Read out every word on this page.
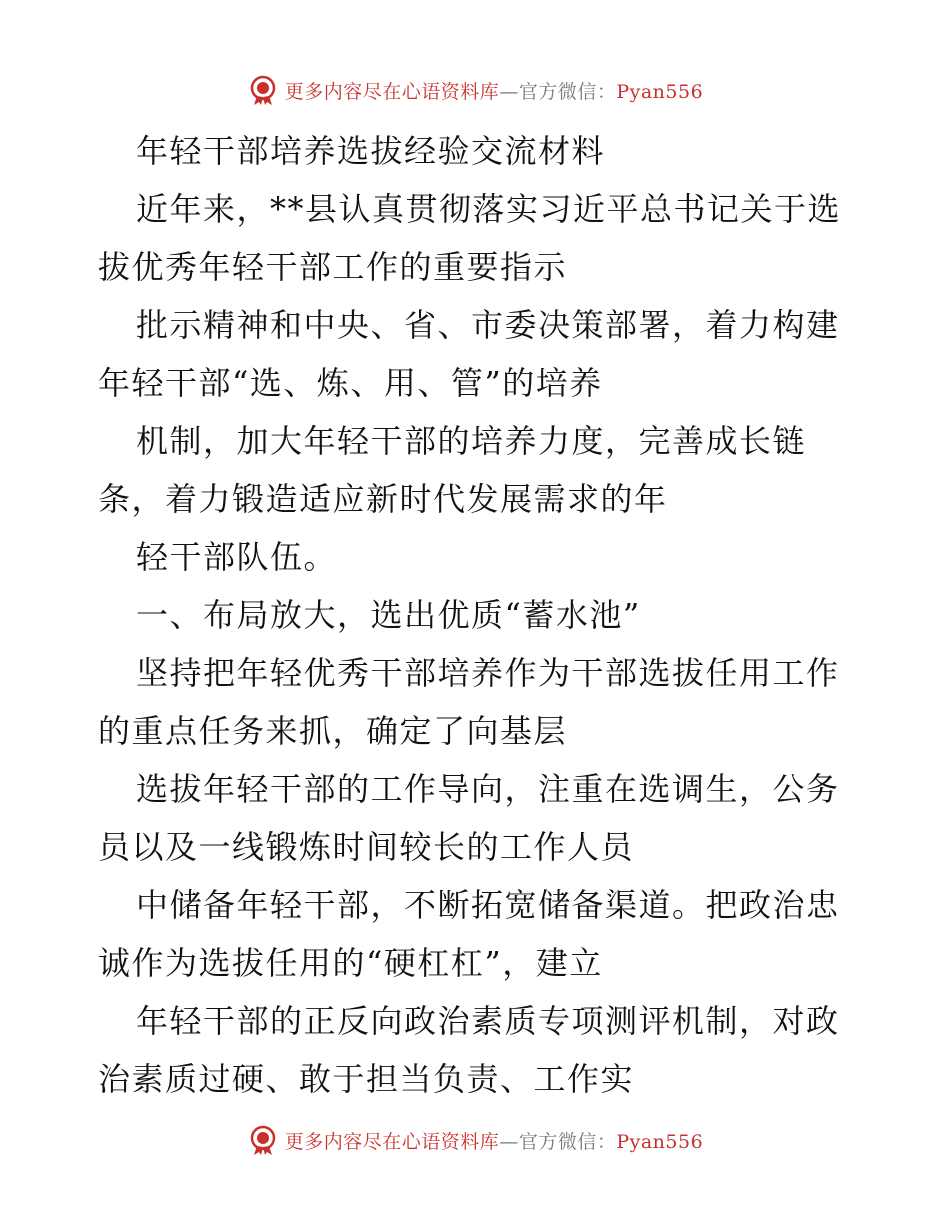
更多内容尽在心语资料库—官方微信：Pyan556
年轻干部培养选拔经验交流材料
近年来，**县认真贯彻落实习近平总书记关于选
拔优秀年轻干部工作的重要指示
批示精神和中央、省、市委决策部署，着力构建
年轻干部“选、炼、用、管”的培养
机制，加大年轻干部的培养力度，完善成长链
条，着力锻造适应新时代发展需求的年
轻干部队伍。
一、布局放大，选出优质“蓄水池”
坚持把年轻优秀干部培养作为干部选拔任用工作
的重点任务来抓，确定了向基层
选拔年轻干部的工作导向，注重在选调生，公务
员以及一线锻炼时间较长的工作人员
中储备年轻干部，不断拓宽储备渠道。把政治忠
诚作为选拔任用的“硬杠杠”，建立
年轻干部的正反向政治素质专项测评机制，对政
治素质过硬、敢于担当负责、工作实
更多内容尽在心语资料库—官方微信：Pyan556
